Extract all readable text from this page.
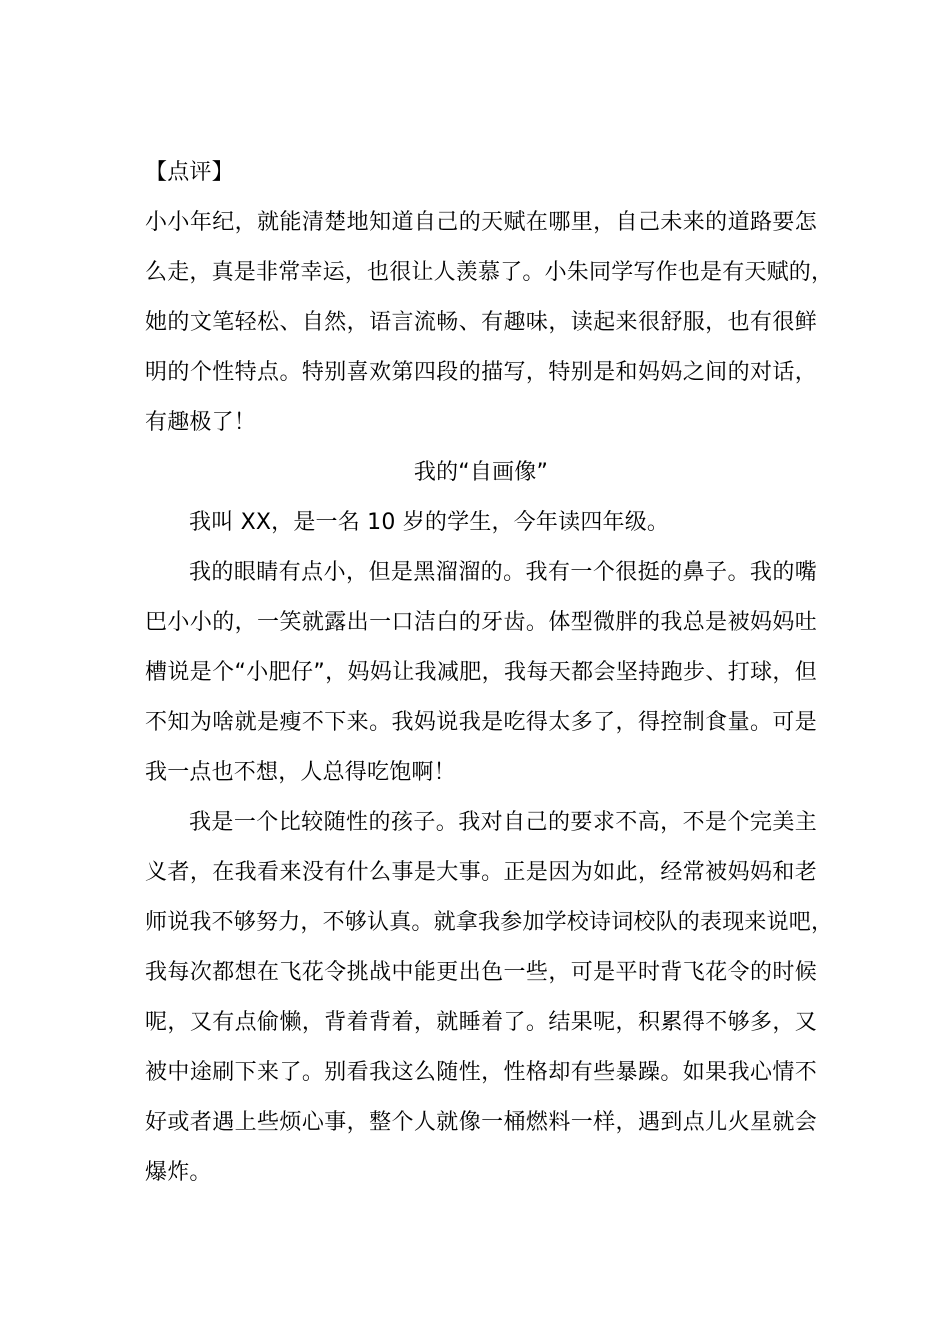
【点评】
小小年纪，就能清楚地知道自己的天赋在哪里，自己未来的道路要怎
么走，真是非常幸运，也很让人羡慕了。小朱同学写作也是有天赋的，
她的文笔轻松、自然，语言流畅、有趣味，读起来很舒服，也有很鲜
明的个性特点。特别喜欢第四段的描写，特别是和妈妈之间的对话，
有趣极了！
我的“自画像”
我叫 XX，是一名 10 岁的学生，今年读四年级。
我的眼睛有点小，但是黑溜溜的。我有一个很挺的鼻子。我的嘴
巴小小的，一笑就露出一口洁白的牙齿。体型微胖的我总是被妈妈吐
槽说是个“小肥仔”，妈妈让我减肥，我每天都会坚持跑步、打球，但
不知为啥就是瘦不下来。我妈说我是吃得太多了，得控制食量。可是
我一点也不想，人总得吃饱啊！
我是一个比较随性的孩子。我对自己的要求不高，不是个完美主
义者，在我看来没有什么事是大事。正是因为如此，经常被妈妈和老
师说我不够努力，不够认真。就拿我参加学校诗词校队的表现来说吧，
我每次都想在飞花令挑战中能更出色一些，可是平时背飞花令的时候
呢，又有点偷懒，背着背着，就睡着了。结果呢，积累得不够多，又
被中途刷下来了。别看我这么随性，性格却有些暴躁。如果我心情不
好或者遇上些烦心事，整个人就像一桶燃料一样，遇到点儿火星就会
爆炸。
